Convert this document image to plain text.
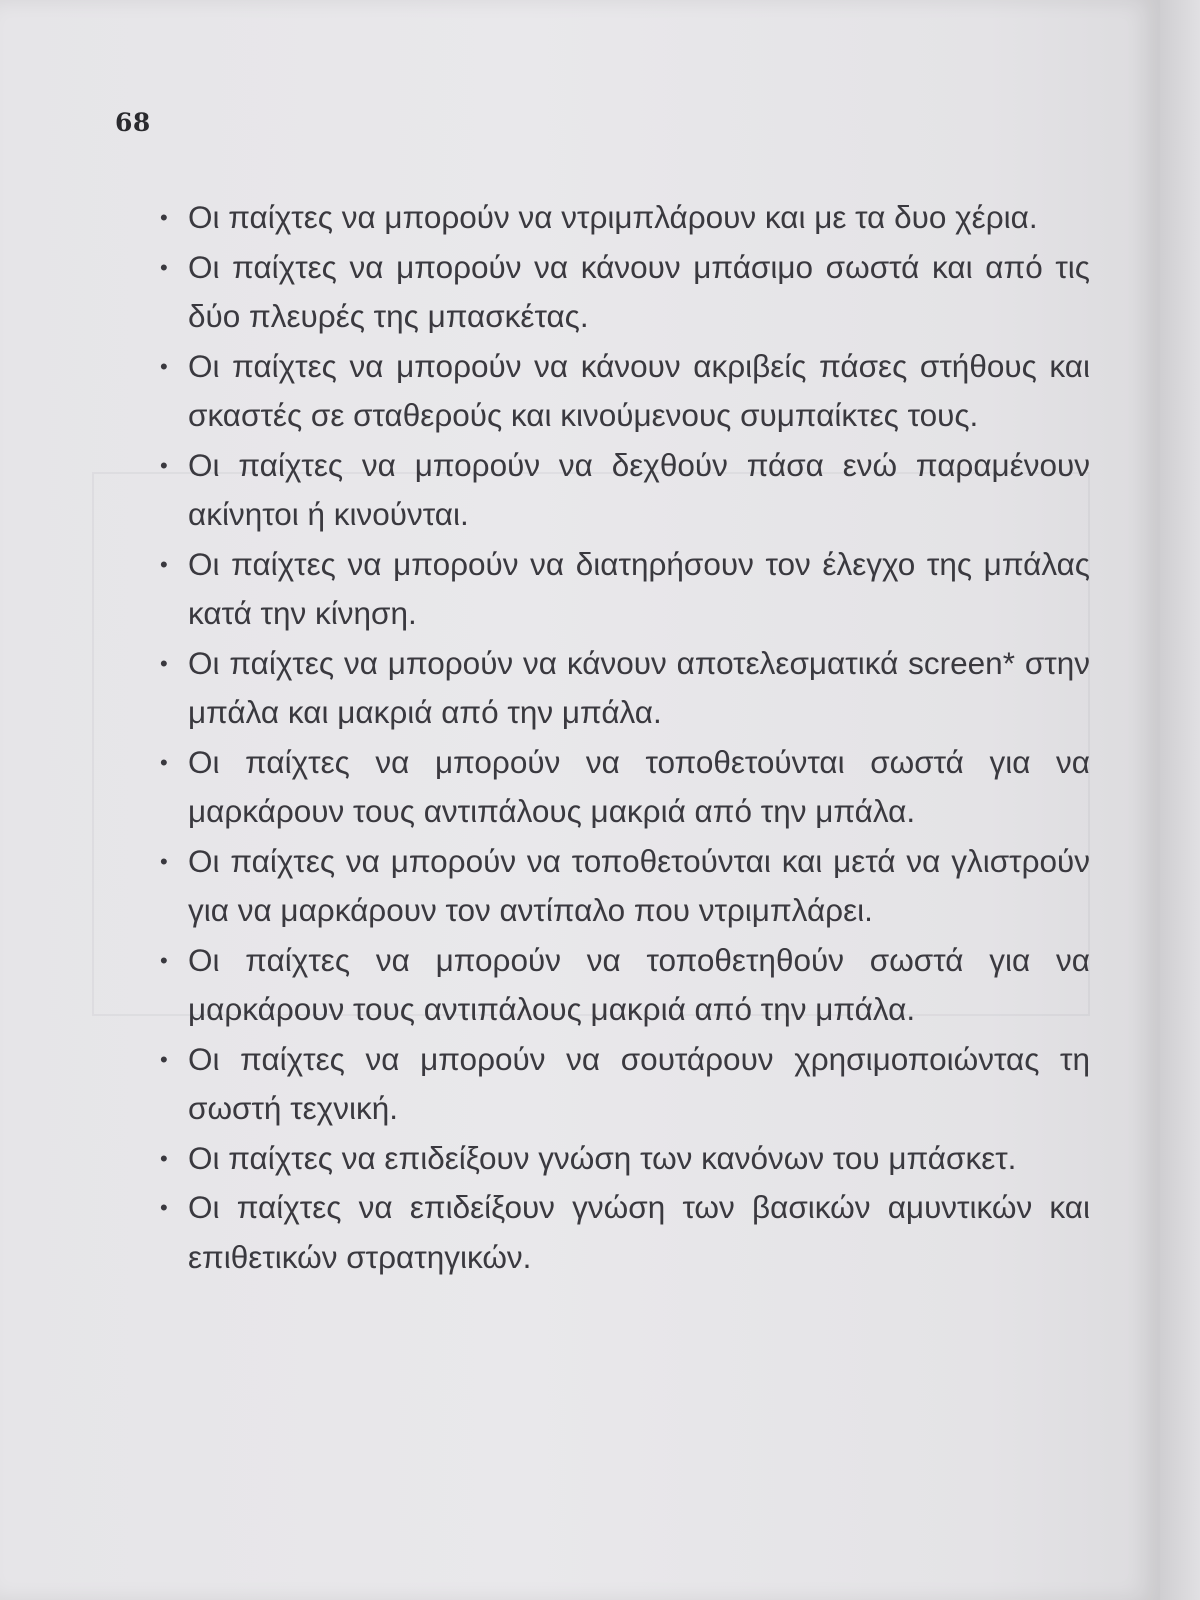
68
• Οι παίχτες να μπορούν να ντριμπλάρουν και με τα δυο χέρια.
• Οι παίχτες να μπορούν να κάνουν μπάσιμο σωστά και από τις δύο πλευρές της μπασκέτας.
• Οι παίχτες να μπορούν να κάνουν ακριβείς πάσες στήθους και σκαστές σε σταθερούς και κινούμενους συμπαίκτες τους.
• Οι παίχτες να μπορούν να δεχθούν πάσα ενώ παραμένουν ακίνητοι ή κινούνται.
• Οι παίχτες να μπορούν να διατηρήσουν τον έλεγχο της μπάλας κατά την κίνηση.
• Οι παίχτες να μπορούν να κάνουν αποτελεσματικά screen* στην μπάλα και μακριά από την μπάλα.
• Οι παίχτες να μπορούν να τοποθετούνται σωστά για να μαρκάρουν τους αντιπάλους μακριά από την μπάλα.
• Οι παίχτες να μπορούν να τοποθετούνται και μετά να γλιστρούν για να μαρκάρουν τον αντίπαλο που ντριμπλάρει.
• Οι παίχτες να μπορούν να τοποθετηθούν σωστά για να μαρκάρουν τους αντιπάλους μακριά από την μπάλα.
• Οι παίχτες να μπορούν να σουτάρουν χρησιμοποιώντας τη σωστή τεχνική.
• Οι παίχτες να επιδείξουν γνώση των κανόνων του μπάσκετ.
• Οι παίχτες να επιδείξουν γνώση των βασικών αμυντικών και επιθετικών στρατηγικών.
